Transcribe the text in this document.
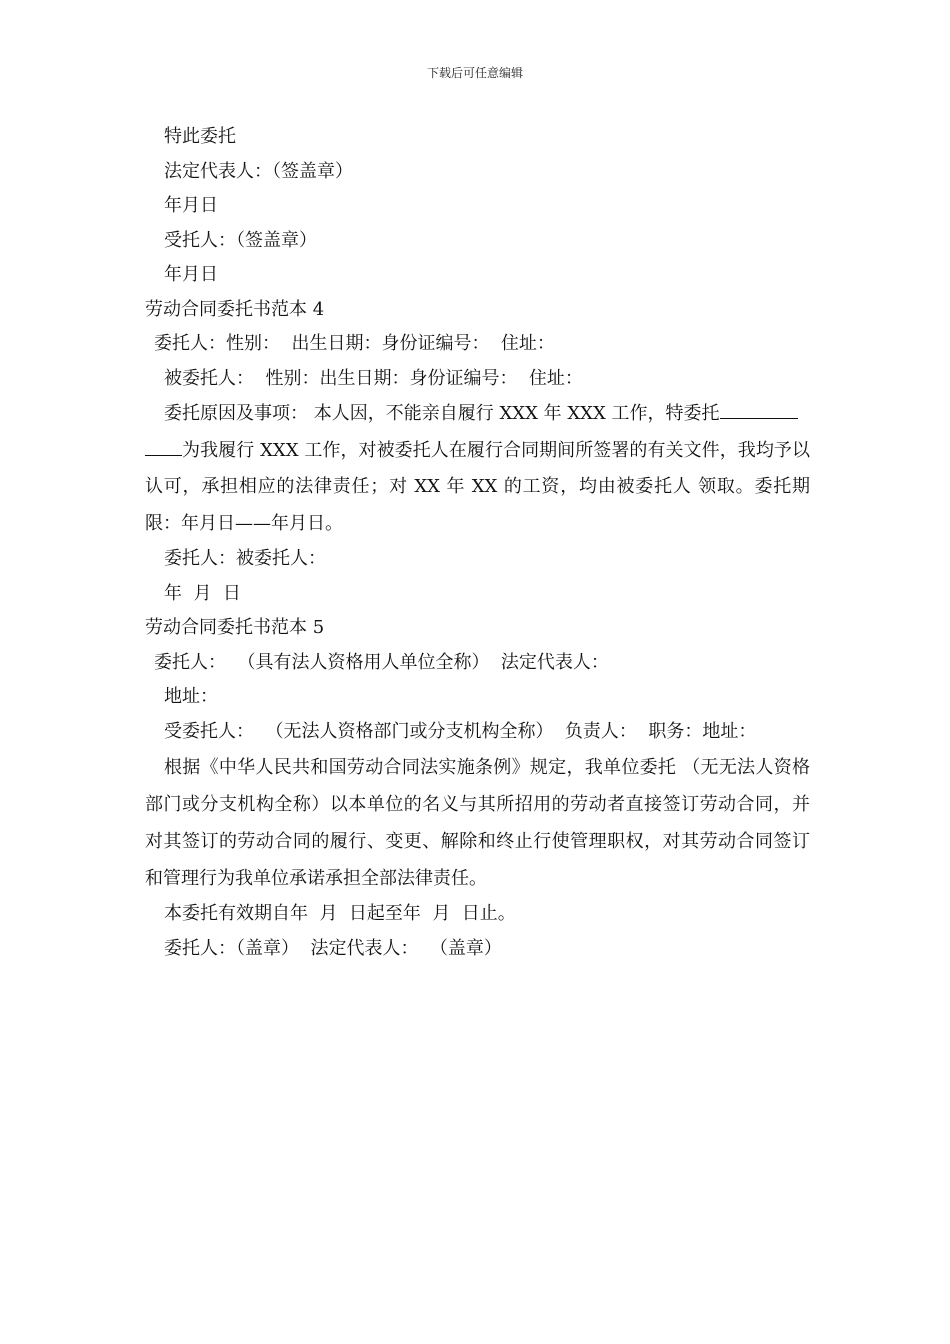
下载后可任意编辑

特此委托

法定代表人：（签盖章）

年月日

受托人：（签盖章）

年月日

劳动合同委托书范本 4

委托人：性别：  出生日期：身份证编号：  住址：

被委托人：  性别：出生日期：身份证编号：  住址：

委托原因及事项： 本人因，不能亲自履行 XXX 年 XXX 工作，特委托
为我履行 XXX 工作，对被委托人在履行合同期间所签署的有关文件，我均予以认可，承担相应的法律责任；对 XX 年 XX 的工资，均由被委托人 领取。委托期限：年月日——年月日。

委托人：被委托人：

年  月  日

劳动合同委托书范本 5

委托人：  （具有法人资格用人单位全称）  法定代表人：

地址：

受委托人：  （无法人资格部门或分支机构全称）  负责人：  职务：地址：

根据《中华人民共和国劳动合同法实施条例》规定，我单位委托 （无无法人资格部门或分支机构全称）以本单位的名义与其所招用的劳动者直接签订劳动合同，并对其签订的劳动合同的履行、变更、解除和终止行使管理职权，对其劳动合同签订和管理行为我单位承诺承担全部法律责任。

本委托有效期自年  月  日起至年  月  日止。

委托人：（盖章）  法定代表人：  （盖章）
